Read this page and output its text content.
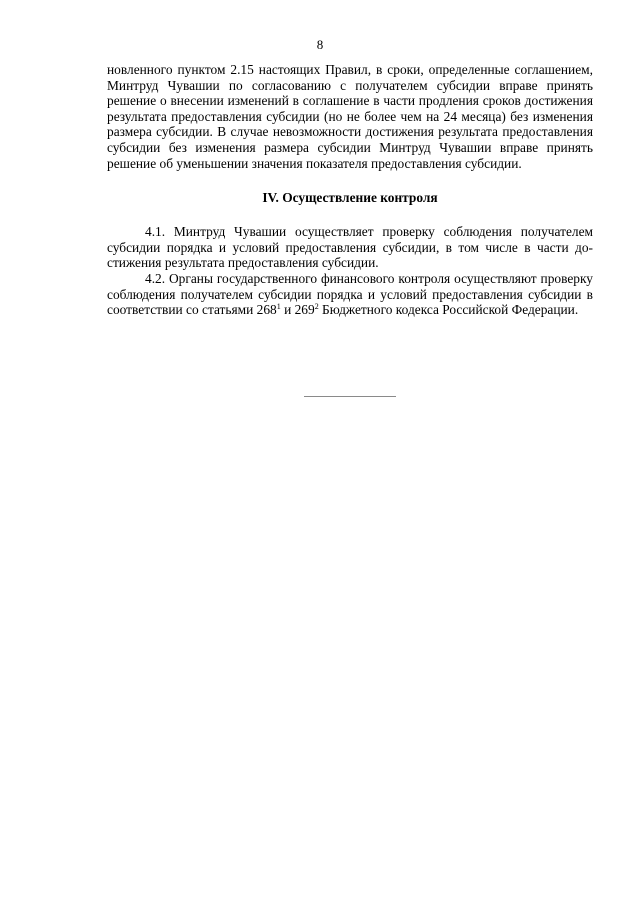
8

новленного пунктом 2.15 настоящих Правил, в сроки, определенные соглашением, Минтруд Чувашии по согласованию с получателем субсидии вправе принять решение о внесении изменений в соглашение в части продления сроков достижения результата предоставления субсидии (но не более чем на 24 месяца) без изменения размера субсидии. В случае невозможности достижения результата предоставления субсидии без изменения размера субсидии Минтруд Чувашии вправе принять решение об уменьшении значения показателя предоставления субсидии.

IV. Осуществление контроля

4.1. Минтруд Чувашии осуществляет проверку соблюдения получателем субсидии порядка и условий предоставления субсидии, в том числе в части достижения результата предоставления субсидии.

4.2. Органы государственного финансового контроля осуществляют проверку соблюдения получателем субсидии порядка и условий предоставления субсидии в соответствии со статьями $268^1$ и $269^2$ Бюджетного кодекса Российской Федерации.
